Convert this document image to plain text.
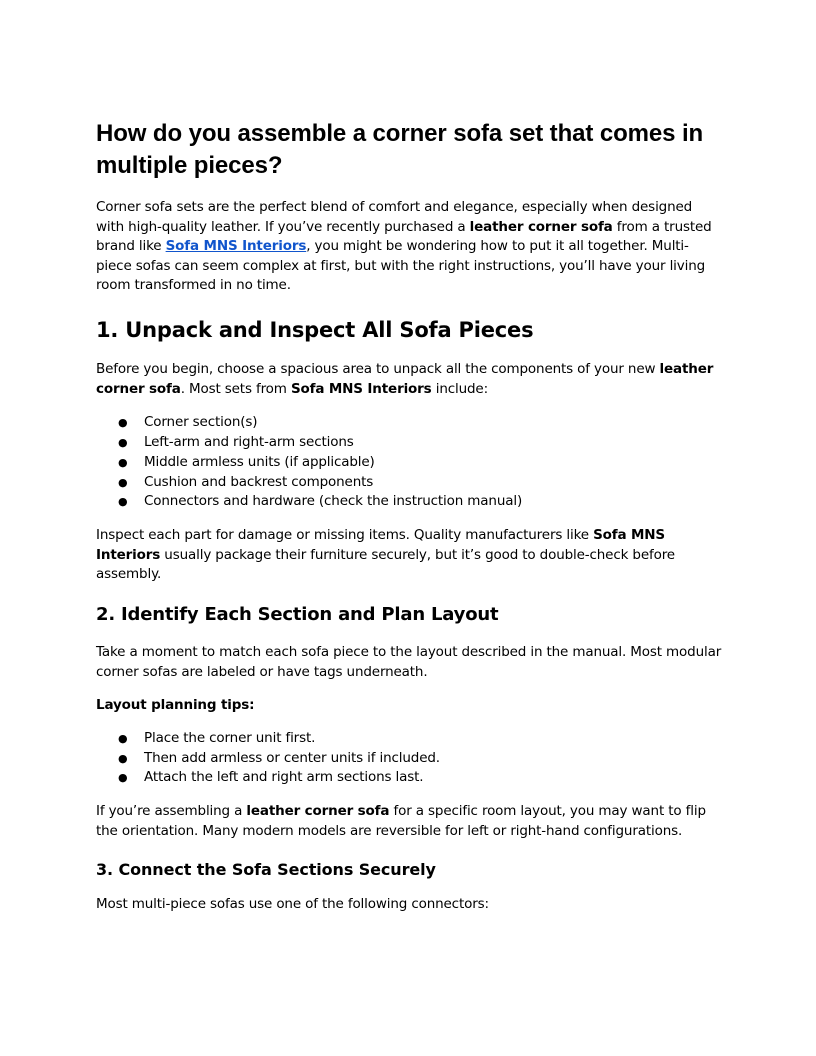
How do you assemble a corner sofa set that comes in multiple pieces?

Corner sofa sets are the perfect blend of comfort and elegance, especially when designed with high-quality leather. If you’ve recently purchased a leather corner sofa from a trusted brand like Sofa MNS Interiors, you might be wondering how to put it all together. Multi-piece sofas can seem complex at first, but with the right instructions, you’ll have your living room transformed in no time.

1. Unpack and Inspect All Sofa Pieces

Before you begin, choose a spacious area to unpack all the components of your new leather corner sofa. Most sets from Sofa MNS Interiors include:

● Corner section(s)
● Left-arm and right-arm sections
● Middle armless units (if applicable)
● Cushion and backrest components
● Connectors and hardware (check the instruction manual)

Inspect each part for damage or missing items. Quality manufacturers like Sofa MNS Interiors usually package their furniture securely, but it’s good to double-check before assembly.

2. Identify Each Section and Plan Layout

Take a moment to match each sofa piece to the layout described in the manual. Most modular corner sofas are labeled or have tags underneath.

Layout planning tips:

● Place the corner unit first.
● Then add armless or center units if included.
● Attach the left and right arm sections last.

If you’re assembling a leather corner sofa for a specific room layout, you may want to flip the orientation. Many modern models are reversible for left or right-hand configurations.

3. Connect the Sofa Sections Securely

Most multi-piece sofas use one of the following connectors:
